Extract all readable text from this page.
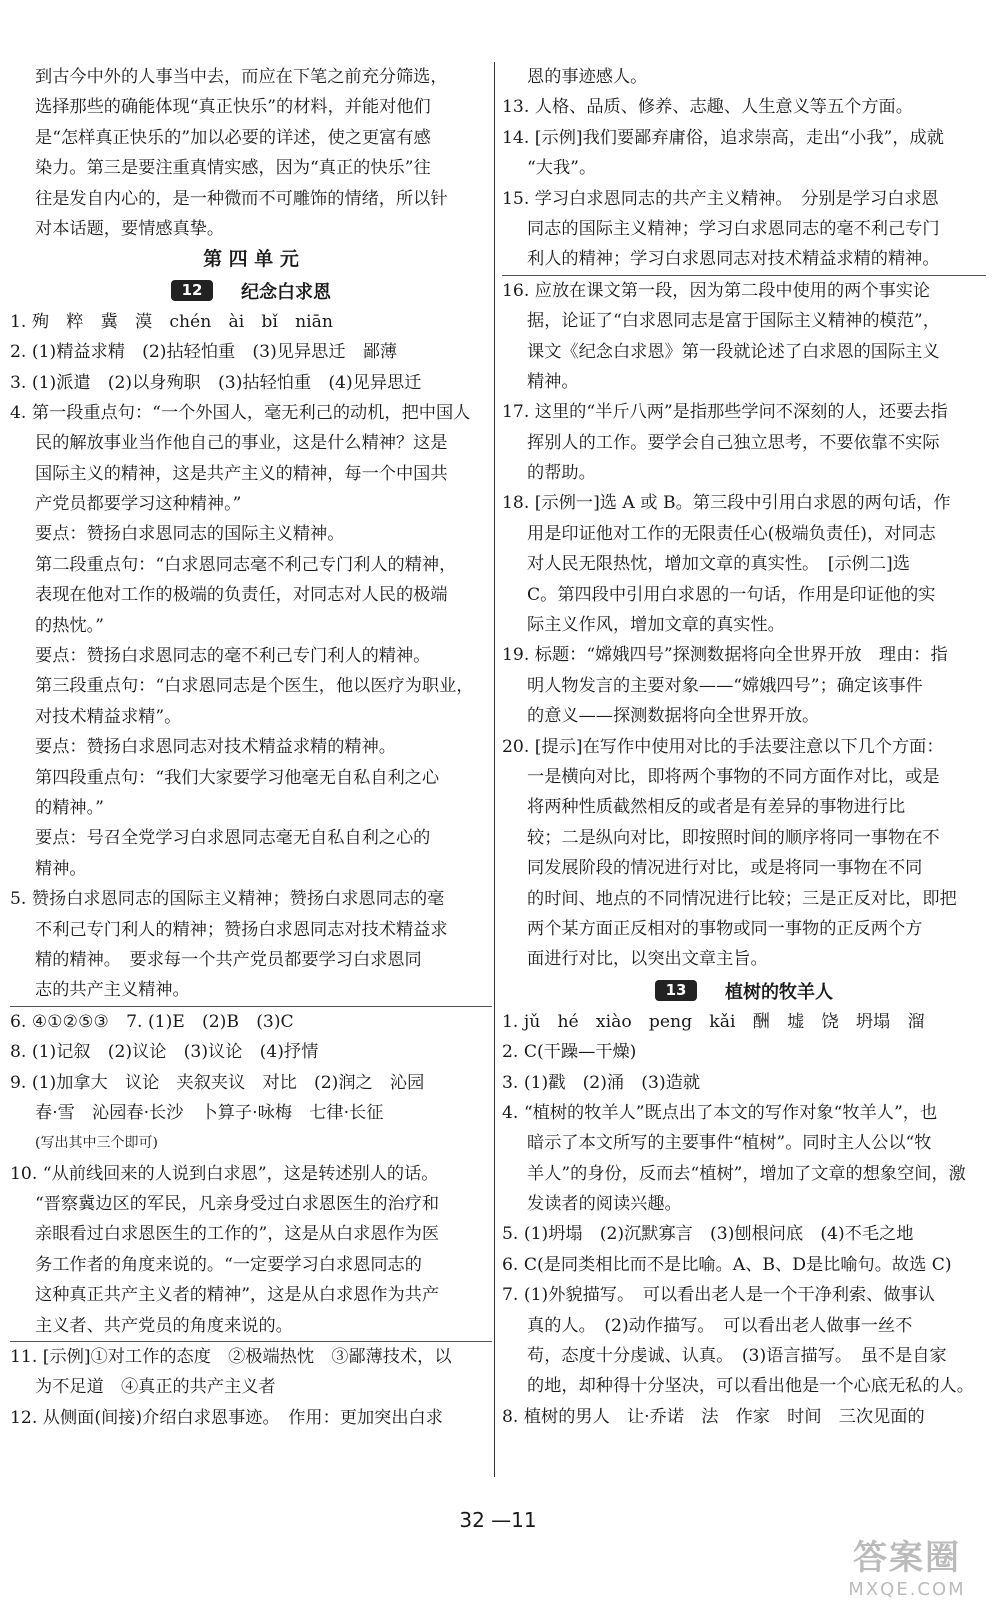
到古今中外的人事当中去，而应在下笔之前充分筛选，
选择那些的确能体现“真正快乐”的材料，并能对他们
是“怎样真正快乐的”加以必要的详述，使之更富有感
染力。第三是要注重真情实感，因为“真正的快乐”往
往是发自内心的，是一种微而不可雕饰的情绪，所以针
对本话题，要情感真挚。
第 四 单 元
12	纪念白求恩
1. 殉　粹　冀　漠　chén　ài　bǐ　niān
2. (1)精益求精　(2)拈轻怕重　(3)见异思迁　鄙薄
3. (1)派遣　(2)以身殉职　(3)拈轻怕重　(4)见异思迁
4. 第一段重点句：“一个外国人，毫无利己的动机，把中国人
民的解放事业当作他自己的事业，这是什么精神？这是
国际主义的精神，这是共产主义的精神，每一个中国共
产党员都要学习这种精神。”
要点：赞扬白求恩同志的国际主义精神。
第二段重点句：“白求恩同志毫不利己专门利人的精神，
表现在他对工作的极端的负责任，对同志对人民的极端
的热忱。”
要点：赞扬白求恩同志的毫不利己专门利人的精神。
第三段重点句：“白求恩同志是个医生，他以医疗为职业，
对技术精益求精”。
要点：赞扬白求恩同志对技术精益求精的精神。
第四段重点句：“我们大家要学习他毫无自私自利之心
的精神。”
要点：号召全党学习白求恩同志毫无自私自利之心的
精神。
5. 赞扬白求恩同志的国际主义精神；赞扬白求恩同志的毫
不利己专门利人的精神；赞扬白求恩同志对技术精益求
精的精神。　要求每一个共产党员都要学习白求恩同
志的共产主义精神。
6. ④①②⑤③　7. (1)E　(2)B　(3)C
8. (1)记叙　(2)议论　(3)议论　(4)抒情
9. (1)加拿大　议论　夹叙夹议　对比　(2)润之　沁园
春·雪　沁园春·长沙　卜算子·咏梅　七律·长征
(写出其中三个即可)
10. “从前线回来的人说到白求恩”，这是转述别人的话。
“晋察冀边区的军民，凡亲身受过白求恩医生的治疗和
亲眼看过白求恩医生的工作的”，这是从白求恩作为医
务工作者的角度来说的。“一定要学习白求恩同志的
这种真正共产主义者的精神”，这是从白求恩作为共产
主义者、共产党员的角度来说的。
11. [示例]①对工作的态度　②极端热忱　③鄙薄技术，以
为不足道　④真正的共产主义者
12. 从侧面(间接)介绍白求恩事迹。　作用：更加突出白求
恩的事迹感人。
13. 人格、品质、修养、志趣、人生意义等五个方面。
14. [示例]我们要鄙弃庸俗，追求崇高，走出“小我”，成就
“大我”。
15. 学习白求恩同志的共产主义精神。　分别是学习白求恩
同志的国际主义精神；学习白求恩同志的毫不利己专门
利人的精神；学习白求恩同志对技术精益求精的精神。
16. 应放在课文第一段，因为第二段中使用的两个事实论
据，论证了“白求恩同志是富于国际主义精神的模范”，
课文《纪念白求恩》第一段就论述了白求恩的国际主义
精神。
17. 这里的“半斤八两”是指那些学问不深刻的人，还要去指
挥别人的工作。要学会自己独立思考，不要依靠不实际
的帮助。
18. [示例一]选 A 或 B。第三段中引用白求恩的两句话，作
用是印证他对工作的无限责任心(极端负责任)，对同志
对人民无限热忱，增加文章的真实性。　[示例二]选
C。第四段中引用白求恩的一句话，作用是印证他的实
际主义作风，增加文章的真实性。
19. 标题：“嫦娥四号”探测数据将向全世界开放　理由：指
明人物发言的主要对象——“嫦娥四号”；确定该事件
的意义——探测数据将向全世界开放。
20. [提示]在写作中使用对比的手法要注意以下几个方面：
一是横向对比，即将两个事物的不同方面作对比，或是
将两种性质截然相反的或者是有差异的事物进行比
较；二是纵向对比，即按照时间的顺序将同一事物在不
同发展阶段的情况进行对比，或是将同一事物在不同
的时间、地点的不同情况进行比较；三是正反对比，即把
两个某方面正反相对的事物或同一事物的正反两个方
面进行对比，以突出文章主旨。
13	植树的牧羊人
1. jǔ　hé　xiào　peng　kǎi　酬　墟　饶　坍塌　溜
2. C(干躁—干燥)
3. (1)戳　(2)涌　(3)造就
4. “植树的牧羊人”既点出了本文的写作对象“牧羊人”，也
暗示了本文所写的主要事件“植树”。同时主人公以“牧
羊人”的身份，反而去“植树”，增加了文章的想象空间，激
发读者的阅读兴趣。
5. (1)坍塌　(2)沉默寡言　(3)刨根问底　(4)不毛之地
6. C(是同类相比而不是比喻。A、B、D是比喻句。故选 C)
7. (1)外貌描写。　可以看出老人是一个干净利索、做事认
真的人。　(2)动作描写。　可以看出老人做事一丝不
苟，态度十分虔诚、认真。　(3)语言描写。　虽不是自家
的地，却种得十分坚决，可以看出他是一个心底无私的人。
8. 植树的男人　让·乔诺　法　作家　时间　三次见面的
32 —11
答案圈
MXQE.COM
